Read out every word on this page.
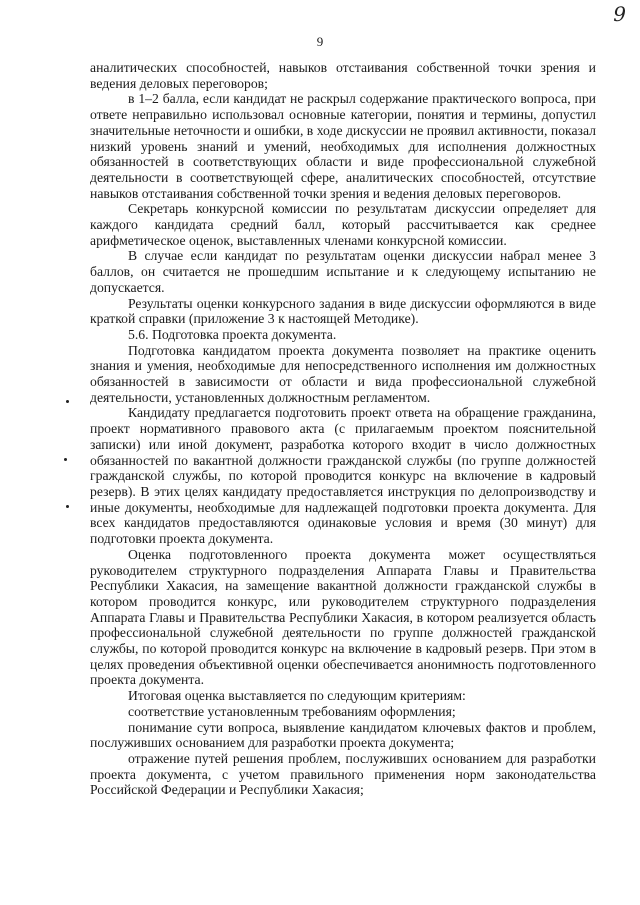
9
9

аналитических способностей, навыков отстаивания собственной точки зрения и ведения деловых переговоров;

в 1–2 балла, если кандидат не раскрыл содержание практического вопроса, при ответе неправильно использовал основные категории, понятия и термины, допустил значительные неточности и ошибки, в ходе дискуссии не проявил активности, показал низкий уровень знаний и умений, необходимых для исполнения должностных обязанностей в соответствующих области и виде профессиональной служебной деятельности в соответствующей сфере, аналитических способностей, отсутствие навыков отстаивания собственной точки зрения и ведения деловых переговоров.

Секретарь конкурсной комиссии по результатам дискуссии определяет для каждого кандидата средний балл, который рассчитывается как среднее арифметическое оценок, выставленных членами конкурсной комиссии.

В случае если кандидат по результатам оценки дискуссии набрал менее 3 баллов, он считается не прошедшим испытание и к следующему испытанию не допускается.

Результаты оценки конкурсного задания в виде дискуссии оформляются в виде краткой справки (приложение 3 к настоящей Методике).

5.6. Подготовка проекта документа.

Подготовка кандидатом проекта документа позволяет на практике оценить знания и умения, необходимые для непосредственного исполнения им должностных обязанностей в зависимости от области и вида профессиональной служебной деятельности, установленных должностным регламентом.

Кандидату предлагается подготовить проект ответа на обращение гражданина, проект нормативного правового акта (с прилагаемым проектом пояснительной записки) или иной документ, разработка которого входит в число должностных обязанностей по вакантной должности гражданской службы (по группе должностей гражданской службы, по которой проводится конкурс на включение в кадровый резерв). В этих целях кандидату предоставляется инструкция по делопроизводству и иные документы, необходимые для надлежащей подготовки проекта документа. Для всех кандидатов предоставляются одинаковые условия и время (30 минут) для подготовки проекта документа.

Оценка подготовленного проекта документа может осуществляться руководителем структурного подразделения Аппарата Главы и Правительства Республики Хакасия, на замещение вакантной должности гражданской службы в котором проводится конкурс, или руководителем структурного подразделения Аппарата Главы и Правительства Республики Хакасия, в котором реализуется область профессиональной служебной деятельности по группе должностей гражданской службы, по которой проводится конкурс на включение в кадровый резерв. При этом в целях проведения объективной оценки обеспечивается анонимность подготовленного проекта документа.

Итоговая оценка выставляется по следующим критериям:

соответствие установленным требованиям оформления;

понимание сути вопроса, выявление кандидатом ключевых фактов и проблем, послуживших основанием для разработки проекта документа;

отражение путей решения проблем, послуживших основанием для разработки проекта документа, с учетом правильного применения норм законодательства Российской Федерации и Республики Хакасия;
